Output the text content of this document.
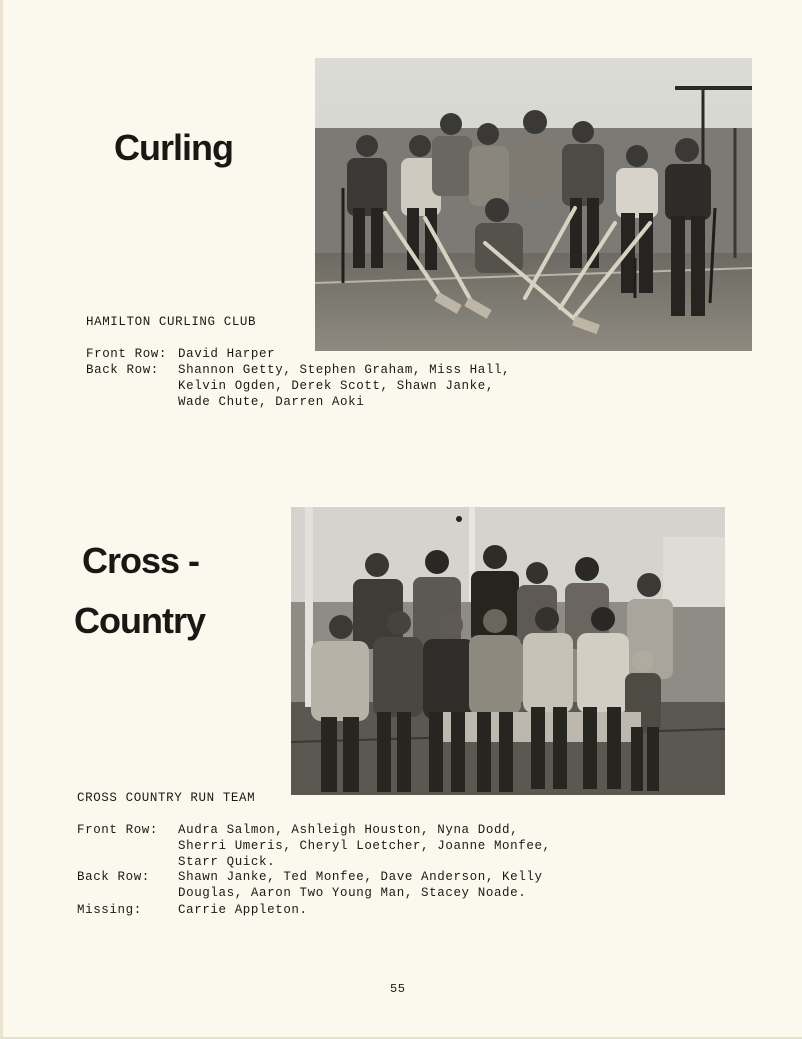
Curling

HAMILTON CURLING CLUB

Front Row: David Harper
Back Row: Shannon Getty, Stephen Graham, Miss Hall,
Kelvin Ogden, Derek Scott, Shawn Janke,
Wade Chute, Darren Aoki
Cross -
Country

CROSS COUNTRY RUN TEAM

Front Row: Audra Salmon, Ashleigh Houston, Nyna Dodd,
Sherri Umeris, Cheryl Loetcher, Joanne Monfee,
Starr Quick.
Back Row: Shawn Janke, Ted Monfee, Dave Anderson, Kelly
Douglas, Aaron Two Young Man, Stacey Noade.
Missing:	Carrie Appleton.
55
